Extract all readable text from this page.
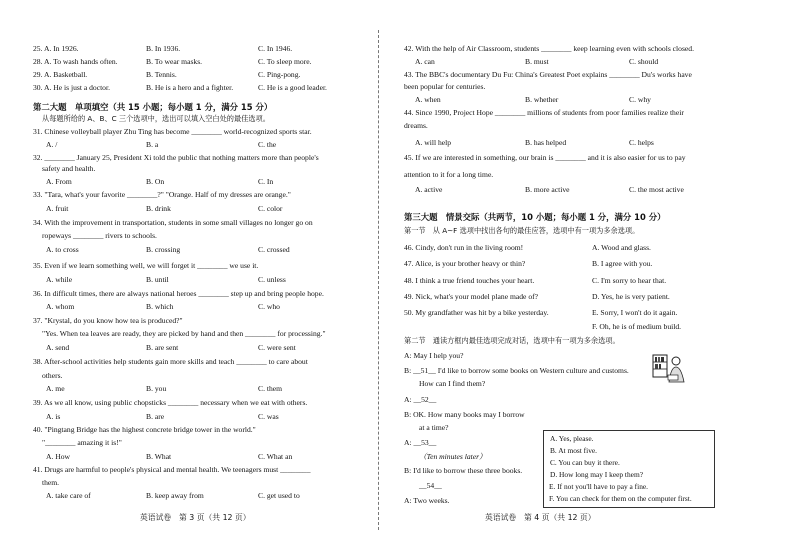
25. A. In 1926.	B. In 1936.	C. In 1946.
28. A. To wash hands often.	B. To wear masks.	C. To sleep more.
29. A. Basketball.	B. Tennis.	C. Ping-pong.
30. A. He is just a doctor.	B. He is a hero and a fighter.	C. He is a good leader.
第二大题　单项填空（共 15 小题；每小题 1 分，满分 15 分）
从每题所给的 A、B、C 三个选项中，选出可以填入空白处的最佳选项。
31. Chinese volleyball player Zhu Ting has become ________ world-recognized sports star.
A. /	B. a	C. the
32. ________ January 25, President Xi told the public that nothing matters more than people's
safety and health.
A. From	B. On	C. In
33. "Tara, what's your favorite ________?" "Orange. Half of my dresses are orange."
A. fruit	B. drink	C. color
34. With the improvement in transportation, students in some small villages no longer go on
ropeways ________ rivers to schools.
A. to cross	B. crossing	C. crossed
35. Even if we learn something well, we will forget it ________ we use it.
A. while	B. until	C. unless
36. In difficult times, there are always national heroes ________ step up and bring people hope.
A. whom	B. which	C. who
37. "Krystal, do you know how tea is produced?"
"Yes. When tea leaves are ready, they are picked by hand and then ________ for processing."
A. send	B. are sent	C. were sent
38. After-school activities help students gain more skills and teach ________ to care about
others.
A. me	B. you	C. them
39. As we all know, using public chopsticks ________ necessary when we eat with others.
A. is	B. are	C. was
40. "Pingtang Bridge has the highest concrete bridge tower in the world."
"________ amazing it is!"
A. How	B. What	C. What an
41. Drugs are harmful to people's physical and mental health. We teenagers must ________
them.
A. take care of	B. keep away from	C. get used to
英语试卷　第 3 页（共 12 页）
42. With the help of Air Classroom, students ________ keep learning even with schools closed.
A. can	B. must	C. should
43. The BBC's documentary Du Fu: China's Greatest Poet explains ________ Du's works have
been popular for centuries.
A. when	B. whether	C. why
44. Since 1990, Project Hope ________ millions of students from poor families realize their
dreams.
A. will help	B. has helped	C. helps
45. If we are interested in something, our brain is ________ and it is also easier for us to pay
attention to it for a long time.
A. active	B. more active	C. the most active
第三大题　情景交际（共两节，10 小题；每小题 1 分，满分 10 分）
第一节　从 A~F 选项中找出各句的最佳应答，选项中有一项为多余选项。
46. Cindy, don't run in the living room!	A. Wood and glass.
47. Alice, is your brother heavy or thin?	B. I agree with you.
48. I think a true friend touches your heart.	C. I'm sorry to hear that.
49. Nick, what's your model plane made of?	D. Yes, he is very patient.
50. My grandfather was hit by a bike yesterday.	E. Sorry, I won't do it again.
F. Oh, he is of medium build.
第二节　通读方框内最佳选项完成对话，选项中有一项为多余选项。
A: May I help you?
B: __51__ I'd like to borrow some books on Western culture and customs.
How can I find them?
A: __52__
B: OK. How many books may I borrow
at a time?
A: __53__
（Ten minutes later）
B: I'd like to borrow these three books.
__54__
A: Two weeks.
英语试卷　第 4 页（共 12 页）
A. Yes, please.
B. At most five.
C. You can buy it there.
D. How long may I keep them?
E. If not you'll have to pay a fine.
F. You can check for them on the computer first.
